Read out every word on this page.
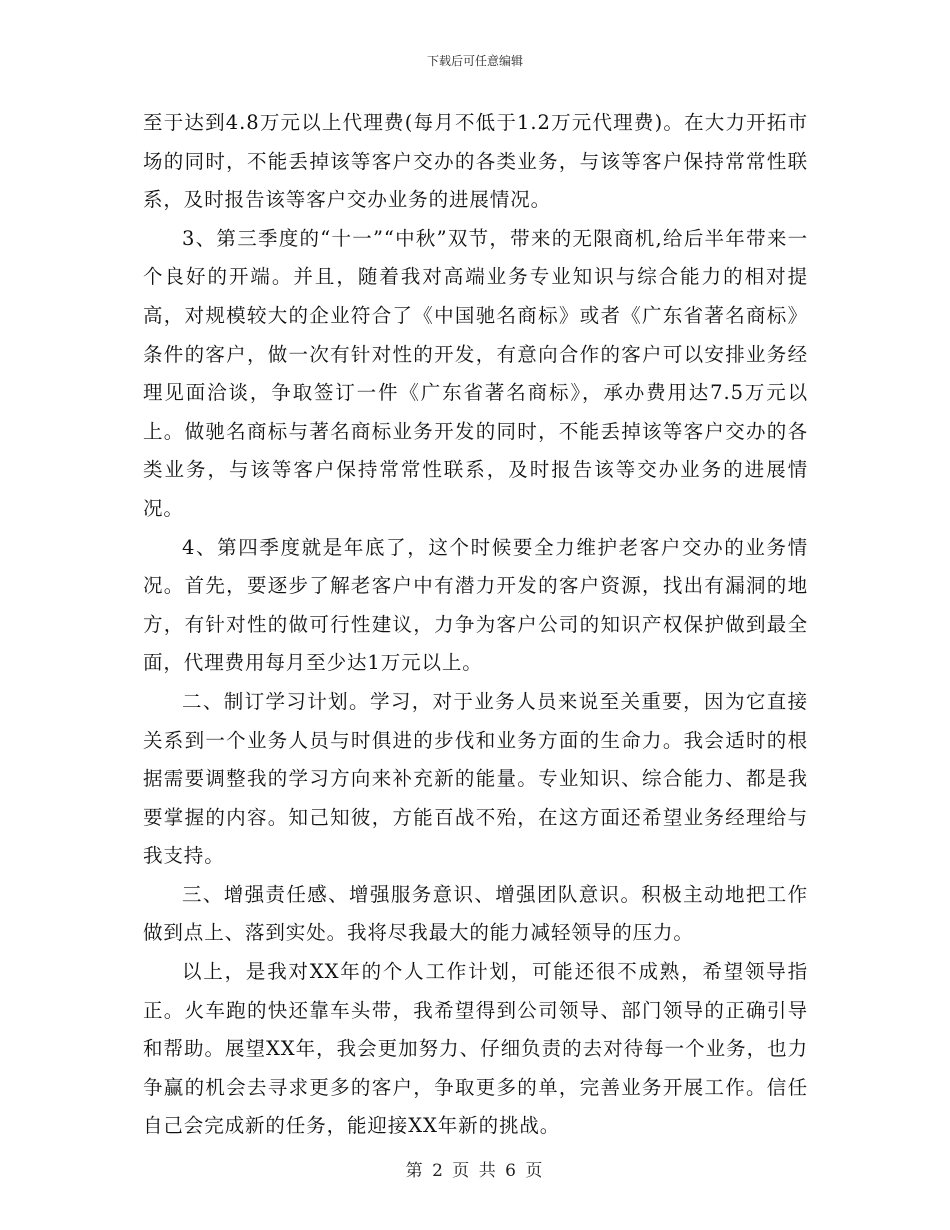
下载后可任意编辑

至于达到4.8万元以上代理费(每月不低于1.2万元代理费)。在大力开拓市场的同时，不能丢掉该等客户交办的各类业务，与该等客户保持常常性联系，及时报告该等客户交办业务的进展情况。

3、第三季度的“十一”“中秋”双节，带来的无限商机,给后半年带来一个良好的开端。并且，随着我对高端业务专业知识与综合能力的相对提高，对规模较大的企业符合了《中国驰名商标》或者《广东省著名商标》条件的客户，做一次有针对性的开发，有意向合作的客户可以安排业务经理见面洽谈，争取签订一件《广东省著名商标》，承办费用达7.5万元以上。做驰名商标与著名商标业务开发的同时，不能丢掉该等客户交办的各类业务，与该等客户保持常常性联系，及时报告该等交办业务的进展情况。

4、第四季度就是年底了，这个时候要全力维护老客户交办的业务情况。首先，要逐步了解老客户中有潜力开发的客户资源，找出有漏洞的地方，有针对性的做可行性建议，力争为客户公司的知识产权保护做到最全面，代理费用每月至少达1万元以上。

二、制订学习计划。学习，对于业务人员来说至关重要，因为它直接关系到一个业务人员与时俱进的步伐和业务方面的生命力。我会适时的根据需要调整我的学习方向来补充新的能量。专业知识、综合能力、都是我要掌握的内容。知己知彼，方能百战不殆，在这方面还希望业务经理给与我支持。

三、增强责任感、增强服务意识、增强团队意识。积极主动地把工作做到点上、落到实处。我将尽我最大的能力减轻领导的压力。

以上，是我对XX年的个人工作计划，可能还很不成熟，希望领导指正。火车跑的快还靠车头带，我希望得到公司领导、部门领导的正确引导和帮助。展望XX年，我会更加努力、仔细负责的去对待每一个业务，也力争赢的机会去寻求更多的客户，争取更多的单，完善业务开展工作。信任自己会完成新的任务，能迎接XX年新的挑战。

第 2 页 共 6 页
